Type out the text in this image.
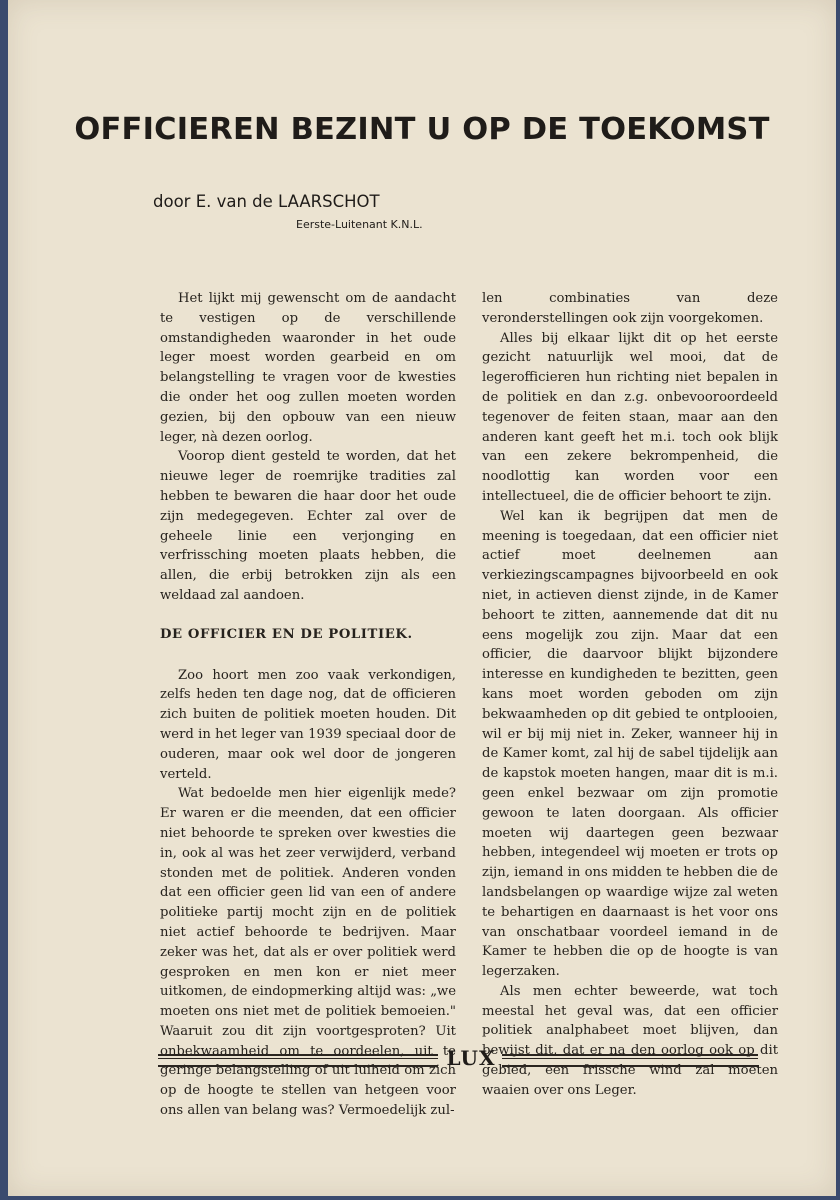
OFFICIEREN BEZINT U OP DE TOEKOMST
door E. van de LAARSCHOT
Eerste-Luitenant K.N.L.

Het lijkt mij gewenscht om de aandacht te vestigen op de verschillende omstandigheden waaronder in het oude leger moest worden gearbeid en om belangstelling te vragen voor de kwesties die onder het oog zullen moeten worden gezien, bij den opbouw van een nieuw leger, nà dezen oorlog.

Voorop dient gesteld te worden, dat het nieuwe leger de roemrijke tradities zal hebben te bewaren die haar door het oude zijn medegegeven. Echter zal over de geheele linie een verjonging en verfrissching moeten plaats hebben, die allen, die erbij betrokken zijn als een weldaad zal aandoen.

DE OFFICIER EN DE POLITIEK.

Zoo hoort men zoo vaak verkondigen, zelfs heden ten dage nog, dat de officieren zich buiten de politiek moeten houden. Dit werd in het leger van 1939 speciaal door de ouderen, maar ook wel door de jongeren verteld.

Wat bedoelde men hier eigenlijk mede? Er waren er die meenden, dat een officier niet behoorde te spreken over kwesties die in, ook al was het zeer verwijderd, verband stonden met de politiek. Anderen vonden dat een officier geen lid van een of andere politieke partij mocht zijn en de politiek niet actief behoorde te bedrijven. Maar zeker was het, dat als er over politiek werd gesproken en men kon er niet meer uitkomen, de eindopmerking altijd was: „we moeten ons niet met de politiek bemoeien." Waaruit zou dit zijn voortgesproten? Uit onbekwaamheid om te oordeelen, uit te geringe belangstelling of uit luiheid om zich op de hoogte te stellen van hetgeen voor ons allen van belang was? Vermoedelijk zul-

len combinaties van deze veronderstellingen ook zijn voorgekomen.

Alles bij elkaar lijkt dit op het eerste gezicht natuurlijk wel mooi, dat de legerofficieren hun richting niet bepalen in de politiek en dan z.g. onbevooroordeeld tegenover de feiten staan, maar aan den anderen kant geeft het m.i. toch ook blijk van een zekere bekrompenheid, die noodlottig kan worden voor een intellectueel, die de officier behoort te zijn.

Wel kan ik begrijpen dat men de meening is toegedaan, dat een officier niet actief moet deelnemen aan verkiezingscampagnes bijvoorbeeld en ook niet, in actieven dienst zijnde, in de Kamer behoort te zitten, aannemende dat dit nu eens mogelijk zou zijn. Maar dat een officier, die daarvoor blijkt bijzondere interesse en kundigheden te bezitten, geen kans moet worden geboden om zijn bekwaamheden op dit gebied te ontplooien, wil er bij mij niet in. Zeker, wanneer hij in de Kamer komt, zal hij de sabel tijdelijk aan de kapstok moeten hangen, maar dit is m.i. geen enkel bezwaar om zijn promotie gewoon te laten doorgaan. Als officier moeten wij daartegen geen bezwaar hebben, integendeel wij moeten er trots op zijn, iemand in ons midden te hebben die de landsbelangen op waardige wijze zal weten te behartigen en daarnaast is het voor ons van onschatbaar voordeel iemand in de Kamer te hebben die op de hoogte is van legerzaken.

Als men echter beweerde, wat toch meestal het geval was, dat een officier politiek analphabeet moet blijven, dan bewijst dit, dat er na den oorlog ook op dit gebied, een frissche wind zal moeten waaien over ons Leger.

LUX
